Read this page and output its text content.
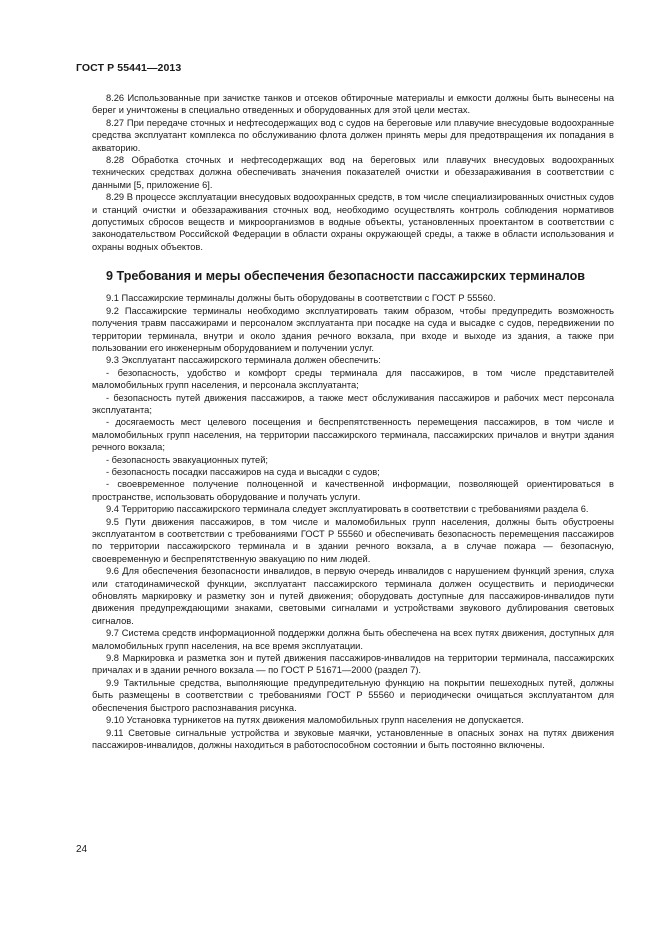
ГОСТ Р 55441—2013

8.26 Использованные при зачистке танков и отсеков обтирочные материалы и емкости должны быть вынесены на берег и уничтожены в специально отведенных и оборудованных для этой цели местах.

8.27 При передаче сточных и нефтесодержащих вод с судов на береговые или плавучие внесудовые водоохранные средства эксплуатант комплекса по обслуживанию флота должен принять меры для предотвращения их попадания в акваторию.

8.28 Обработка сточных и нефтесодержащих вод на береговых или плавучих внесудовых водоохранных технических средствах должна обеспечивать значения показателей очистки и обеззараживания в соответствии с данными [5, приложение 6].

8.29 В процессе эксплуатации внесудовых водоохранных средств, в том числе специализированных очистных судов и станций очистки и обеззараживания сточных вод, необходимо осуществлять контроль соблюдения нормативов допустимых сбросов веществ и микроорганизмов в водные объекты, установленных проектантом в соответствии с законодательством Российской Федерации в области охраны окружающей среды, а также в области использования и охраны водных объектов.

9 Требования и меры обеспечения безопасности пассажирских терминалов

9.1 Пассажирские терминалы должны быть оборудованы в соответствии с ГОСТ Р 55560.

9.2 Пассажирские терминалы необходимо эксплуатировать таким образом, чтобы предупредить возможность получения травм пассажирами и персоналом эксплуатанта при посадке на суда и высадке с судов, передвижении по территории терминала, внутри и около здания речного вокзала, при входе и выходе из здания, а также при пользовании его инженерным оборудованием и получении услуг.

9.3 Эксплуатант пассажирского терминала должен обеспечить:

- безопасность, удобство и комфорт среды терминала для пассажиров, в том числе представителей маломобильных групп населения, и персонала эксплуатанта;

- безопасность путей движения пассажиров, а также мест обслуживания пассажиров и рабочих мест персонала эксплуатанта;

- досягаемость мест целевого посещения и беспрепятственность перемещения пассажиров, в том числе и маломобильных групп населения, на территории пассажирского терминала, пассажирских причалов и внутри здания речного вокзала;

- безопасность эвакуационных путей;

- безопасность посадки пассажиров на суда и высадки с судов;

- своевременное получение полноценной и качественной информации, позволяющей ориентироваться в пространстве, использовать оборудование и получать услуги.

9.4 Территорию пассажирского терминала следует эксплуатировать в соответствии с требованиями раздела 6.

9.5 Пути движения пассажиров, в том числе и маломобильных групп населения, должны быть обустроены эксплуатантом в соответствии с требованиями ГОСТ Р 55560 и обеспечивать безопасность перемещения пассажиров по территории пассажирского терминала и в здании речного вокзала, а в случае пожара — безопасную, своевременную и беспрепятственную эвакуацию по ним людей.

9.6 Для обеспечения безопасности инвалидов, в первую очередь инвалидов с нарушением функций зрения, слуха или статодинамической функции, эксплуатант пассажирского терминала должен осуществить и периодически обновлять маркировку и разметку зон и путей движения; оборудовать доступные для пассажиров-инвалидов пути движения предупреждающими знаками, световыми сигналами и устройствами звукового дублирования световых сигналов.

9.7 Система средств информационной поддержки должна быть обеспечена на всех путях движения, доступных для маломобильных групп населения, на все время эксплуатации.

9.8 Маркировка и разметка зон и путей движения пассажиров-инвалидов на территории терминала, пассажирских причалах и в здании речного вокзала — по ГОСТ Р 51671—2000 (раздел 7).

9.9 Тактильные средства, выполняющие предупредительную функцию на покрытии пешеходных путей, должны быть размещены в соответствии с требованиями ГОСТ Р 55560 и периодически очищаться эксплуатантом для обеспечения быстрого распознавания рисунка.

9.10 Установка турникетов на путях движения маломобильных групп населения не допускается.

9.11 Световые сигнальные устройства и звуковые маячки, установленные в опасных зонах на путях движения пассажиров-инвалидов, должны находиться в работоспособном состоянии и быть постоянно включены.

24
